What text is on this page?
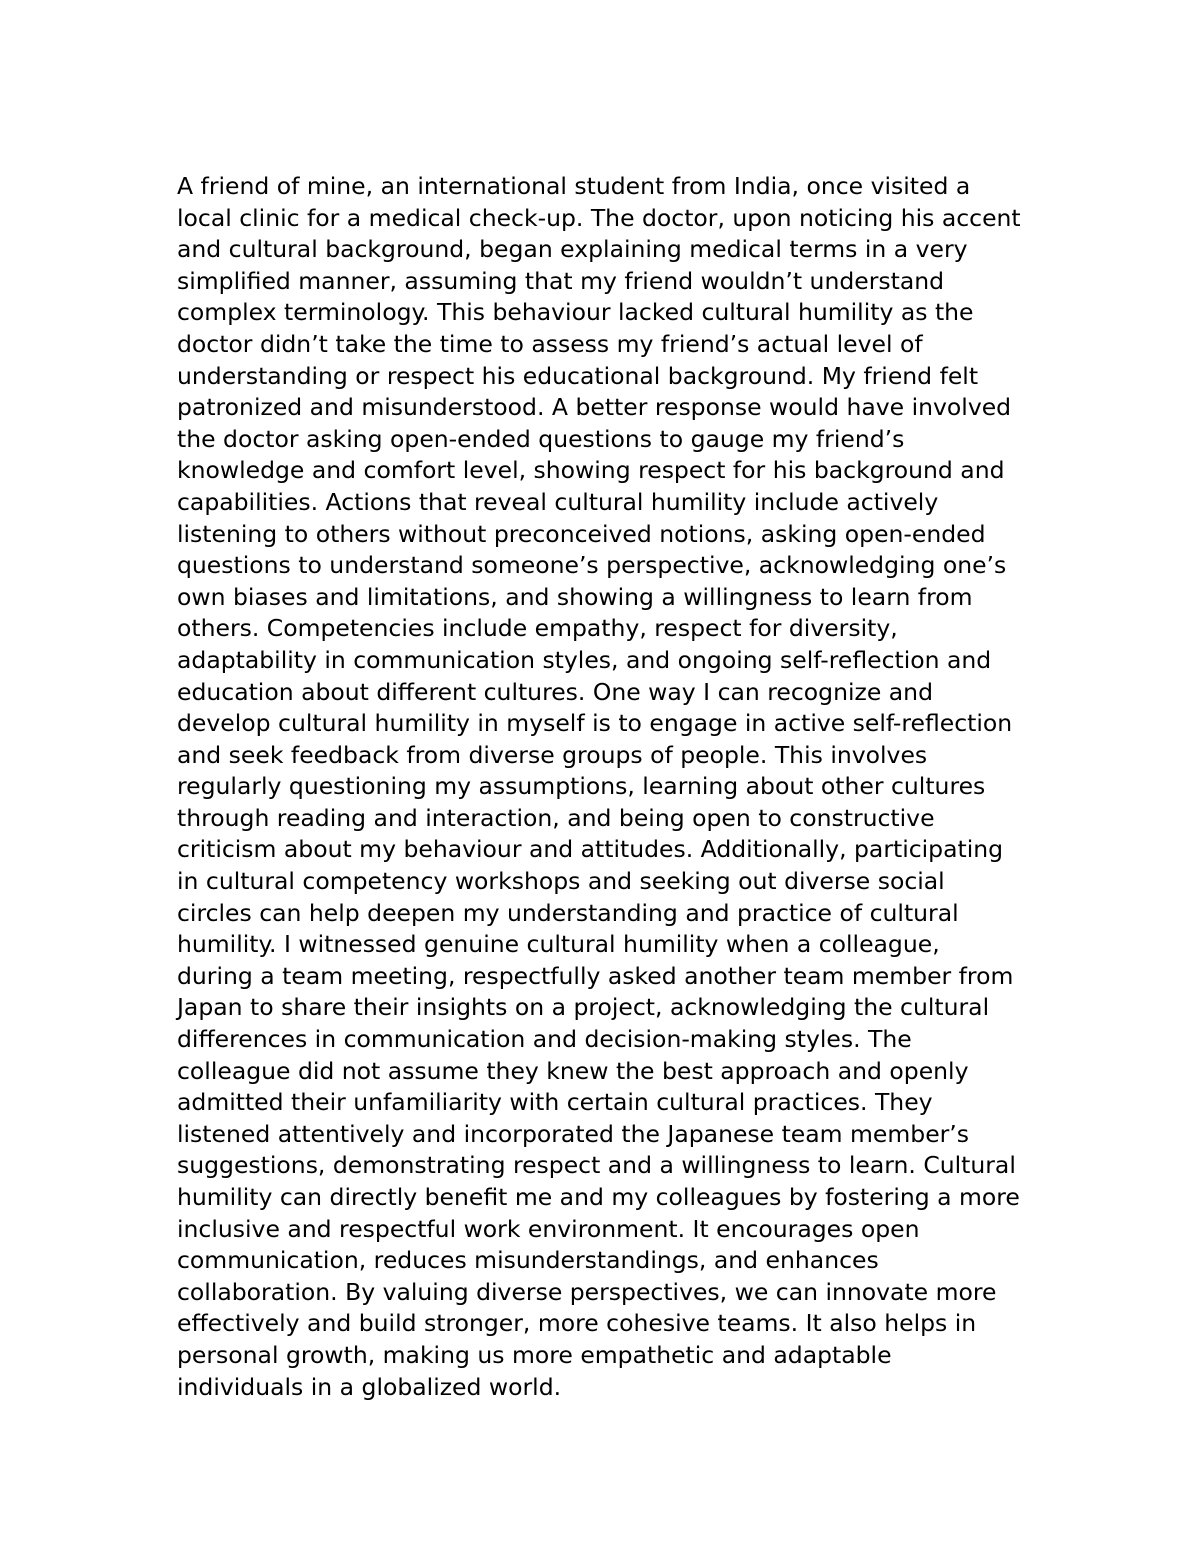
A friend of mine, an international student from India, once visited a
local clinic for a medical check-up. The doctor, upon noticing his accent
and cultural background, began explaining medical terms in a very
simplified manner, assuming that my friend wouldn’t understand
complex terminology. This behaviour lacked cultural humility as the
doctor didn’t take the time to assess my friend’s actual level of
understanding or respect his educational background. My friend felt
patronized and misunderstood. A better response would have involved
the doctor asking open-ended questions to gauge my friend’s
knowledge and comfort level, showing respect for his background and
capabilities. Actions that reveal cultural humility include actively
listening to others without preconceived notions, asking open-ended
questions to understand someone’s perspective, acknowledging one’s
own biases and limitations, and showing a willingness to learn from
others. Competencies include empathy, respect for diversity,
adaptability in communication styles, and ongoing self-reflection and
education about different cultures. One way I can recognize and
develop cultural humility in myself is to engage in active self-reflection
and seek feedback from diverse groups of people. This involves
regularly questioning my assumptions, learning about other cultures
through reading and interaction, and being open to constructive
criticism about my behaviour and attitudes. Additionally, participating
in cultural competency workshops and seeking out diverse social
circles can help deepen my understanding and practice of cultural
humility. I witnessed genuine cultural humility when a colleague,
during a team meeting, respectfully asked another team member from
Japan to share their insights on a project, acknowledging the cultural
differences in communication and decision-making styles. The
colleague did not assume they knew the best approach and openly
admitted their unfamiliarity with certain cultural practices. They
listened attentively and incorporated the Japanese team member’s
suggestions, demonstrating respect and a willingness to learn. Cultural
humility can directly benefit me and my colleagues by fostering a more
inclusive and respectful work environment. It encourages open
communication, reduces misunderstandings, and enhances
collaboration. By valuing diverse perspectives, we can innovate more
effectively and build stronger, more cohesive teams. It also helps in
personal growth, making us more empathetic and adaptable
individuals in a globalized world.
